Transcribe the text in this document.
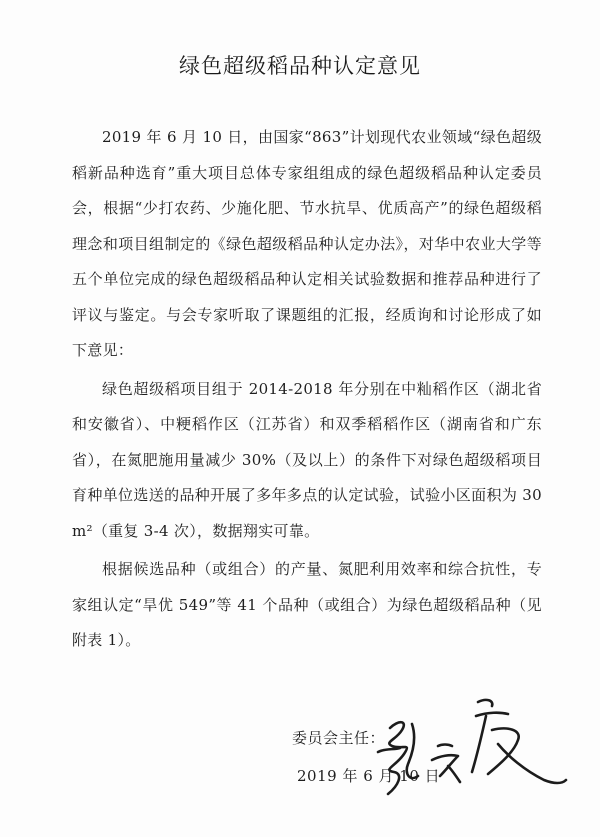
绿色超级稻品种认定意见

2019 年 6 月 10 日，由国家“863”计划现代农业领域“绿色超级稻新品种选育”重大项目总体专家组组成的绿色超级稻品种认定委员会，根据“少打农药、少施化肥、节水抗旱、优质高产”的绿色超级稻理念和项目组制定的《绿色超级稻品种认定办法》，对华中农业大学等五个单位完成的绿色超级稻品种认定相关试验数据和推荐品种进行了评议与鉴定。与会专家听取了课题组的汇报，经质询和讨论形成了如下意见：

绿色超级稻项目组于 2014-2018 年分别在中籼稻作区（湖北省和安徽省）、中粳稻作区（江苏省）和双季稻稻作区（湖南省和广东省），在氮肥施用量减少 30%（及以上）的条件下对绿色超级稻项目育种单位选送的品种开展了多年多点的认定试验，试验小区面积为 30 m²（重复 3-4 次），数据翔实可靠。

根据候选品种（或组合）的产量、氮肥利用效率和综合抗性，专家组认定“旱优 549”等 41 个品种（或组合）为绿色超级稻品种（见附表 1）。

委员会主任：
2019 年 6 月 10 日
